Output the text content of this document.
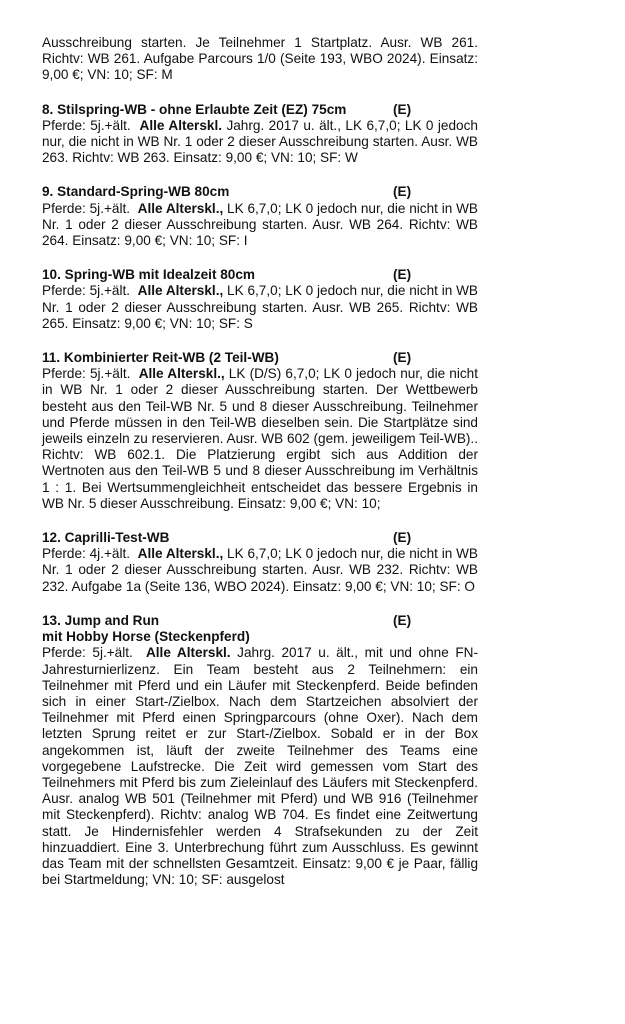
Ausschreibung starten. Je Teilnehmer 1 Startplatz. Ausr. WB 261. Richtv: WB 261. Aufgabe Parcours 1/0 (Seite 193, WBO 2024). Einsatz: 9,00 €; VN: 10; SF: M

8. Stilspring-WB - ohne Erlaubte Zeit (EZ) 75cm	(E)

Pferde: 5j.+ält. Alle Alterskl. Jahrg. 2017 u. ält., LK 6,7,0; LK 0 jedoch nur, die nicht in WB Nr. 1 oder 2 dieser Ausschreibung starten. Ausr. WB 263. Richtv: WB 263. Einsatz: 9,00 €; VN: 10; SF: W

9. Standard-Spring-WB 80cm	(E)

Pferde: 5j.+ält. Alle Alterskl., LK 6,7,0; LK 0 jedoch nur, die nicht in WB Nr. 1 oder 2 dieser Ausschreibung starten. Ausr. WB 264. Richtv: WB 264. Einsatz: 9,00 €; VN: 10; SF: I

10. Spring-WB mit Idealzeit 80cm	(E)

Pferde: 5j.+ält. Alle Alterskl., LK 6,7,0; LK 0 jedoch nur, die nicht in WB Nr. 1 oder 2 dieser Ausschreibung starten. Ausr. WB 265. Richtv: WB 265. Einsatz: 9,00 €; VN: 10; SF: S

11. Kombinierter Reit-WB (2 Teil-WB)	(E)

Pferde: 5j.+ält. Alle Alterskl., LK (D/S) 6,7,0; LK 0 jedoch nur, die nicht in WB Nr. 1 oder 2 dieser Ausschreibung starten. Der Wettbewerb besteht aus den Teil-WB Nr. 5 und 8 dieser Ausschreibung. Teilnehmer und Pferde müssen in den Teil-WB dieselben sein. Die Startplätze sind jeweils einzeln zu reservieren. Ausr. WB 602 (gem. jeweiligem Teil-WB).. Richtv: WB 602.1. Die Platzierung ergibt sich aus Addition der Wertnoten aus den Teil-WB 5 und 8 dieser Ausschreibung im Verhältnis 1 : 1. Bei Wertsummengleichheit entscheidet das bessere Ergebnis in WB Nr. 5 dieser Ausschreibung. Einsatz: 9,00 €; VN: 10;

12. Caprilli-Test-WB	(E)

Pferde: 4j.+ält. Alle Alterskl., LK 6,7,0; LK 0 jedoch nur, die nicht in WB Nr. 1 oder 2 dieser Ausschreibung starten. Ausr. WB 232. Richtv: WB 232. Aufgabe 1a (Seite 136, WBO 2024). Einsatz: 9,00 €; VN: 10; SF: O

13. Jump and Run	(E)
mit Hobby Horse (Steckenpferd)

Pferde: 5j.+ält. Alle Alterskl. Jahrg. 2017 u. ält., mit und ohne FN-Jahresturnierlizenz. Ein Team besteht aus 2 Teilnehmern: ein Teilnehmer mit Pferd und ein Läufer mit Steckenpferd. Beide befinden sich in einer Start-/Zielbox. Nach dem Startzeichen absolviert der Teilnehmer mit Pferd einen Springparcours (ohne Oxer). Nach dem letzten Sprung reitet er zur Start-/Zielbox. Sobald er in der Box angekommen ist, läuft der zweite Teilnehmer des Teams eine vorgegebene Laufstrecke. Die Zeit wird gemessen vom Start des Teilnehmers mit Pferd bis zum Zieleinlauf des Läufers mit Steckenpferd. Ausr. analog WB 501 (Teilnehmer mit Pferd) und WB 916 (Teilnehmer mit Steckenpferd). Richtv: analog WB 704. Es findet eine Zeitwertung statt. Je Hindernisfehler werden 4 Strafsekunden zu der Zeit hinzuaddiert. Eine 3. Unterbrechung führt zum Ausschluss. Es gewinnt das Team mit der schnellsten Gesamtzeit. Einsatz: 9,00 € je Paar, fällig bei Startmeldung; VN: 10; SF: ausgelost
